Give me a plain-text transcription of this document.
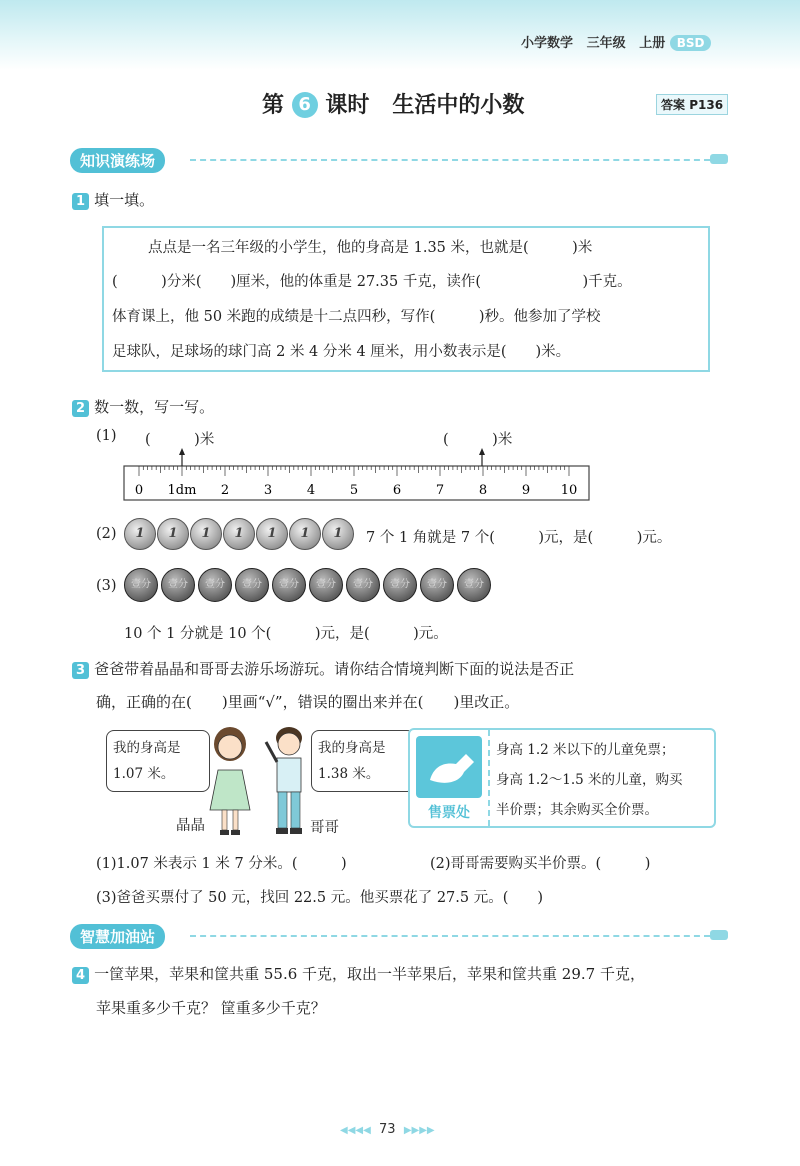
小学数学 三年级 上册 BSD
第 6 课时 生活中的小数	答案 P136
知识演练场
1 填一填。
点点是一名三年级的小学生，他的身高是 1.35 米，也就是(　　　)米
(　　　)分米(　　)厘米，他的体重是 27.35 千克，读作(　　　　　　　)千克。
体育课上，他 50 米跑的成绩是十二点四秒，写作(　　　)秒。他参加了学校
足球队，足球场的球门高 2 米 4 分米 4 厘米，用小数表示是(　　)米。
2 数一数，写一写。
(1) (　　　)米	(　　　)米
0 1dm 2	3	4	5	6	7	8	9 10
(2)	1	1	1	1	1	1	1	7 个 1 角就是 7 个(　　　)元，是(　　　)元。
(3)	壹分	壹分	壹分	壹分	壹分	壹分	壹分	壹分	壹分	壹分
10 个 1 分就是 10 个(　　　)元，是(　　　)元。
3 爸爸带着晶晶和哥哥去游乐场游玩。请你结合情境判断下面的说法是否正
确，正确的在(　　)里画“√”，错误的圈出来并在(　　)里改正。
我的身高是
1.07 米。
我的身高是
1.38 米。
晶晶	哥哥
售票处
身高 1.2 米以下的儿童免票；
身高 1.2～1.5 米的儿童，购买
半价票；其余购买全价票。
(1)1.07 米表示 1 米 7 分米。(　　　)	(2)哥哥需要购买半价票。(　　　)
(3)爸爸买票付了 50 元，找回 22.5 元。他买票花了 27.5 元。(　　)
智慧加油站
4 一筐苹果，苹果和筐共重 55.6 千克，取出一半苹果后，苹果和筐共重 29.7 千克，
苹果重多少千克？ 筐重多少千克？
◀◀◀◀ 73 ▶▶▶▶
